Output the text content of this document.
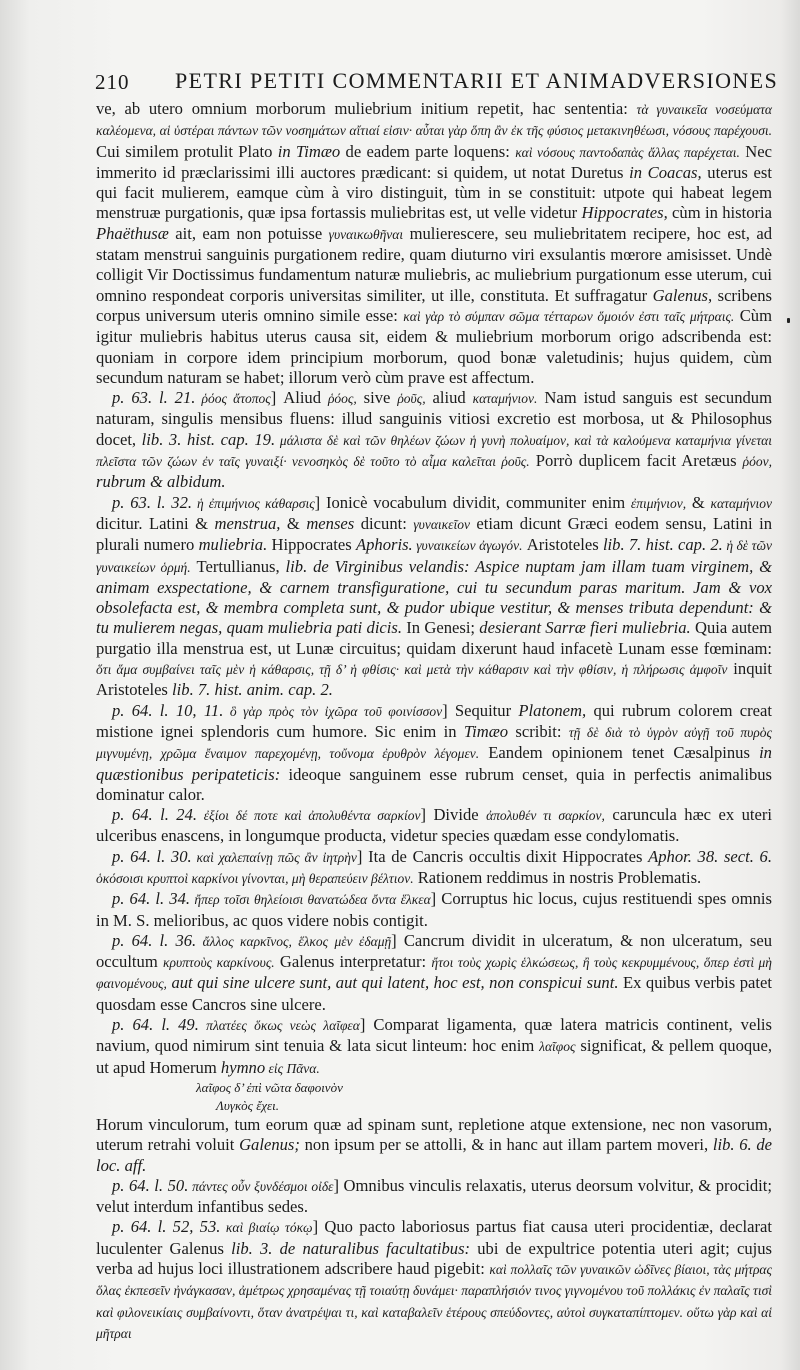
210 PETRI PETITI COMMENTARII ET ANIMADVERSIONES

ve, ab utero omnium morborum muliebrium initium repetit, hac sententia: τὰ γυναικεῖα νοσεύματα καλέομενα, αἱ ὑστέραι πάντων τῶν νοσημάτων αἴτιαί εἰσιν· αὗται γὰρ ὅπη ἂν ἐκ τῆς φύσιος μετακινηθέωσι, νόσους παρέχουσι. Cui similem protulit Plato in Timæo de eadem parte loquens: καὶ νόσους παντοδαπὰς ἄλλας παρέχεται. Nec immerito id præclarissimi illi auctores prædicant: si quidem, ut notat Duretus in Coacas, uterus est qui facit mulierem, eamque cùm à viro distinguit, tùm in se constituit: utpote qui habeat legem menstruæ purgationis, quæ ipsa fortassis muliebritas est, ut velle videtur Hippocrates, cùm in historia Phaëthusæ ait, eam non potuisse γυναικωθῆναι mulierescere, seu muliebritatem recipere, hoc est, ad statam menstrui sanguinis purgationem redire, quam diuturno viri exsulantis mœrore amisisset. Undè colligit Vir Doctissimus fundamentum naturæ muliebris, ac muliebrium purgationum esse uterum, cui omnino respondeat corporis universitas similiter, ut ille, constituta. Et suffragatur Galenus, scribens corpus universum uteris omnino simile esse: καὶ γὰρ τὸ σύμπαν σῶμα τέτταρων ὅμοιόν ἐστι ταῖς μήτραις. Cùm igitur muliebris habitus uterus causa sit, eidem & muliebrium morborum origo adscribenda est: quoniam in corpore idem principium morborum, quod bonæ valetudinis; hujus quidem, cùm secundum naturam se habet; illorum verò cùm prave est affectum.

p. 63. l. 21. ῥόος ἄτοπος] Aliud ῥόος, sive ῥοῦς, aliud καταμήνιον. Nam istud sanguis est secundum naturam, singulis mensibus fluens: illud sanguinis vitiosi excretio est morbosa, ut & Philosophus docet, lib. 3. hist. cap. 19. μάλιστα δὲ καὶ τῶν θηλέων ζώων ἡ γυνὴ πολυαίμον, καὶ τὰ καλούμενα καταμήνια γίνεται πλεῖστα τῶν ζώων ἐν ταῖς γυναιξί· νενοσηκὸς δὲ τοῦτο τὸ αἷμα καλεῖται ῥοῦς. Porrò duplicem facit Aretæus ῥόον, rubrum & albidum.

p. 63. l. 32. ἡ ἐπιμήνιος κάθαρσις] Ionicè vocabulum dividit, communiter enim ἐπιμήνιον, & καταμήνιον dicitur. Latini & menstrua, & menses dicunt: γυναικεῖον etiam dicunt Græci eodem sensu, Latini in plurali numero muliebria. Hippocrates Aphoris. γυναικείων ἀγωγόν. Aristoteles lib. 7. hist. cap. 2. ἡ δὲ τῶν γυναικείων ὁρμή. Tertullianus, lib. de Virginibus velandis: Aspice nuptam jam illam tuam virginem, & animam exspectatione, & carnem transfiguratione, cui tu secundum paras maritum. Jam & vox obsolefacta est, & membra completa sunt, & pudor ubique vestitur, & menses tributa dependunt: & tu mulierem negas, quam muliebria pati dicis. In Genesi; desierant Sarræ fieri muliebria. Quia autem purgatio illa menstrua est, ut Lunæ circuitus; quidam dixerunt haud infacetè Lunam esse fœminam: ὅτι ἅμα συμβαίνει ταῖς μὲν ἡ κάθαρσις, τῇ δ’ ἡ φθίσις· καὶ μετὰ τὴν κάθαρσιν καὶ τὴν φθίσιν, ἡ πλήρωσις ἀμφοῖν inquit Aristoteles lib. 7. hist. anim. cap. 2.

p. 64. l. 10, 11. ὃ γὰρ πρὸς τὸν ἰχῶρα τοῦ φοινίσσον] Sequitur Platonem, qui rubrum colorem creat mistione ignei splendoris cum humore. Sic enim in Timæo scribit: τῇ δὲ διὰ τὸ ὑγρὸν αὐγῇ τοῦ πυρὸς μιγνυμένῃ, χρῶμα ἔναιμον παρεχομένῃ, τοὔνομα ἐρυθρὸν λέγομεν. Eandem opinionem tenet Cæsalpinus in quæstionibus peripateticis: ideoque sanguinem esse rubrum censet, quia in perfectis animalibus dominatur calor.

p. 64. l. 24. ἐξίοι δέ ποτε καὶ ἀπολυθέντα σαρκίον] Divide ἀπολυθέν τι σαρκίον, caruncula hæc ex uteri ulceribus enascens, in longumque producta, videtur species quædam esse condylomatis.

p. 64. l. 30. καὶ χαλεπαίνῃ πῶς ἂν ἰητρὴν] Ita de Cancris occultis dixit Hippocrates Aphor. 38. sect. 6. ὁκόσοισι κρυπτοὶ καρκίνοι γίνονται, μὴ θεραπεύειν βέλτιον. Rationem reddimus in nostris Problematis.

p. 64. l. 34. ἤπερ τοῖσι θηλείοισι θανατώδεα ὄντα ἕλκεα] Corruptus hic locus, cujus restituendi spes omnis in M. S. melioribus, ac quos videre nobis contigit.

p. 64. l. 36. ἄλλος καρκῖνος, ἕλκος μὲν ἐδαμῇ] Cancrum dividit in ulceratum, & non ulceratum, seu occultum κρυπτοὺς καρκίνους. Galenus interpretatur: ἤτοι τοὺς χωρὶς ἑλκώσεως, ἢ τοὺς κεκρυμμένους, ὅπερ ἐστὶ μὴ φαινομένους, aut qui sine ulcere sunt, aut qui latent, hoc est, non conspicui sunt. Ex quibus verbis patet quosdam esse Cancros sine ulcere.

p. 64. l. 49. πλατέες ὅκως νεὼς λαῖφεα] Comparat ligamenta, quæ latera matricis continent, velis navium, quod nimirum sint tenuia & lata sicut linteum: hoc enim λαῖφος significat, & pellem quoque, ut apud Homerum hymno εἰς Πᾶνα.

λαῖφος δ’ ἐπὶ νῶτα δαφοινὸν

Λυγκὸς ἔχει.

Horum vinculorum, tum eorum quæ ad spinam sunt, repletione atque extensione, nec non vasorum, uterum retrahi voluit Galenus; non ipsum per se attolli, & in hanc aut illam partem moveri, lib. 6. de loc. aff.

p. 64. l. 50. πάντες οὖν ξυνδέσμοι οἰδε] Omnibus vinculis relaxatis, uterus deorsum volvitur, & procidit; velut interdum infantibus sedes.

p. 64. l. 52, 53. καὶ βιαίῳ τόκῳ] Quo pacto laboriosus partus fiat causa uteri procidentiæ, declarat luculenter Galenus lib. 3. de naturalibus facultatibus: ubi de expultrice potentia uteri agit; cujus verba ad hujus loci illustrationem adscribere haud pigebit: καὶ πολλαῖς τῶν γυναικῶν ὠδῖνες βίαιοι, τὰς μήτρας ὅλας ἐκπεσεῖν ἠνάγκασαν, ἀμέτρως χρησαμένας τῇ τοιαύτῃ δυνάμει· παραπλήσιόν τινος γιγνομένου τοῦ πολλάκις ἐν παλαῖς τισὶ καὶ φιλονεικίαις συμβαίνοντι, ὅταν ἀνατρέψαι τι, καὶ καταβαλεῖν ἑτέρους σπεύδοντες, αὐτοὶ συγκαταπίπτομεν. οὕτω γὰρ καὶ αἱ μῆτραι
